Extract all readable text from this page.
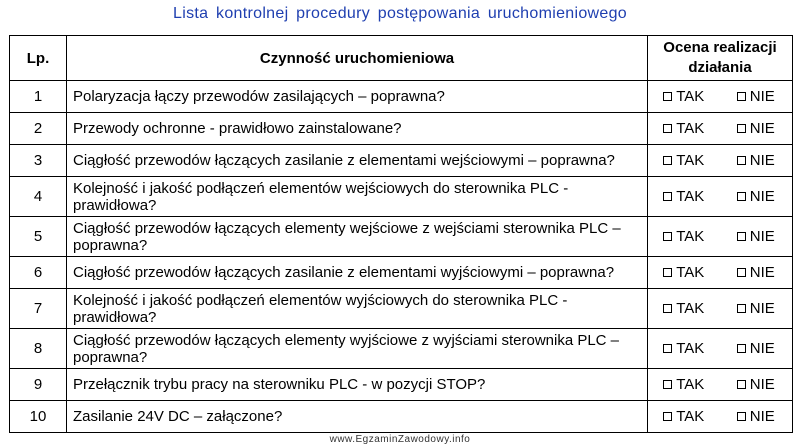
Lista kontrolnej procedury postępowania uruchomieniowego
Lp.	Czynność uruchomieniowa	Ocena realizacji działania	
1	Polaryzacja łączy przewodów zasilających – poprawna?	TAK	NIE
2	Przewody ochronne - prawidłowo zainstalowane?	TAK	NIE
3	Ciągłość przewodów łączących zasilanie z elementami wejściowymi – poprawna?	TAK	NIE
4	Kolejność i jakość podłączeń elementów wejściowych do sterownika PLC - prawidłowa?	TAK	NIE
5	Ciągłość przewodów łączących elementy wejściowe z wejściami sterownika PLC – poprawna?	TAK	NIE
6	Ciągłość przewodów łączących zasilanie z elementami wyjściowymi – poprawna?	TAK	NIE
7	Kolejność i jakość podłączeń elementów wyjściowych do sterownika PLC - prawidłowa?	TAK	NIE
8	Ciągłość przewodów łączących elementy wyjściowe z wyjściami sterownika PLC – poprawna?	TAK	NIE
9	Przełącznik trybu pracy na sterowniku PLC - w pozycji STOP?	TAK	NIE
10	Zasilanie 24V DC – załączone?	TAK	NIE
www.EgzaminZawodowy.info
